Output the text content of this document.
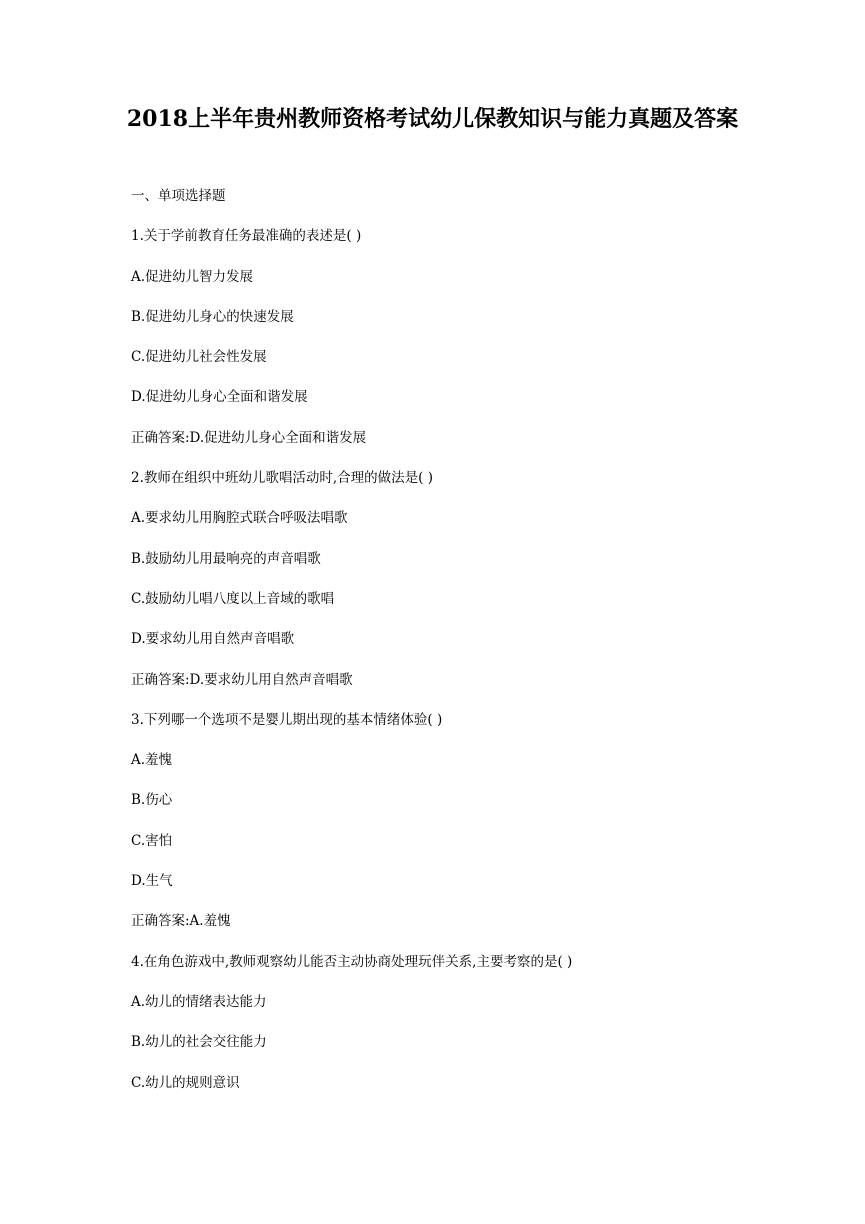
2018上半年贵州教师资格考试幼儿保教知识与能力真题及答案
一、单项选择题
1.关于学前教育任务最准确的表述是( )
A.促进幼儿智力发展
B.促进幼儿身心的快速发展
C.促进幼儿社会性发展
D.促进幼儿身心全面和谐发展
正确答案:D.促进幼儿身心全面和谐发展
2.教师在组织中班幼儿歌唱活动时,合理的做法是( )
A.要求幼儿用胸腔式联合呼吸法唱歌
B.鼓励幼儿用最响亮的声音唱歌
C.鼓励幼儿唱八度以上音域的歌唱
D.要求幼儿用自然声音唱歌
正确答案:D.要求幼儿用自然声音唱歌
3.下列哪一个选项不是婴儿期出现的基本情绪体验( )
A.羞愧
B.伤心
C.害怕
D.生气
正确答案:A.羞愧
4.在角色游戏中,教师观察幼儿能否主动协商处理玩伴关系,主要考察的是( )
A.幼儿的情绪表达能力
B.幼儿的社会交往能力
C.幼儿的规则意识
